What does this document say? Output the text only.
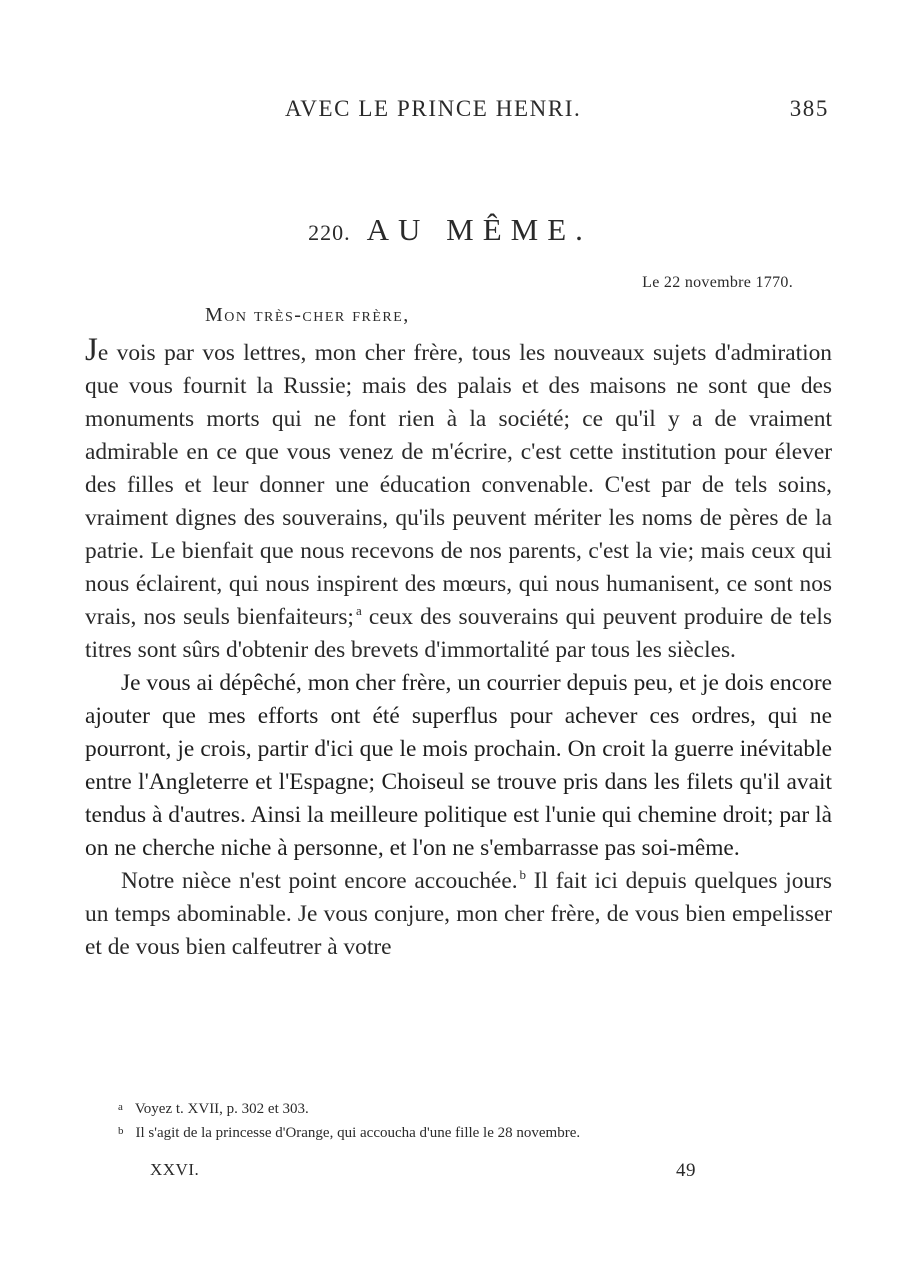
AVEC LE PRINCE HENRI.	385
220. AU MÊME.
Le 22 novembre 1770.
Mon très-cher frère,

Je vois par vos lettres, mon cher frère, tous les nouveaux sujets d'admiration que vous fournit la Russie; mais des palais et des maisons ne sont que des monuments morts qui ne font rien à la société; ce qu'il y a de vraiment admirable en ce que vous venez de m'écrire, c'est cette institution pour élever des filles et leur donner une éducation convenable. C'est par de tels soins, vraiment dignes des souverains, qu'ils peuvent mériter les noms de pères de la patrie. Le bienfait que nous recevons de nos parents, c'est la vie; mais ceux qui nous éclairent, qui nous inspirent des mœurs, qui nous humanisent, ce sont nos vrais, nos seuls bienfaiteurs; $^a$ ceux des souverains qui peuvent produire de tels titres sont sûrs d'obtenir des brevets d'immortalité par tous les siècles.

Je vous ai dépêché, mon cher frère, un courrier depuis peu, et je dois encore ajouter que mes efforts ont été superflus pour achever ces ordres, qui ne pourront, je crois, partir d'ici que le mois prochain. On croit la guerre inévitable entre l'Angleterre et l'Espagne; Choiseul se trouve pris dans les filets qu'il avait tendus à d'autres. Ainsi la meilleure politique est l'unie qui chemine droit; par là on ne cherche niche à personne, et l'on ne s'embarrasse pas soi-même.

Notre nièce n'est point encore accouchée. $^b$ Il fait ici depuis quelques jours un temps abominable. Je vous conjure, mon cher frère, de vous bien empelisser et de vous bien calfeutrer à votre

$^a$ Voyez t. XVII, p. 302 et 303.
$^b$ Il s'agit de la princesse d'Orange, qui accoucha d'une fille le 28 novembre.
XXVI.	49
